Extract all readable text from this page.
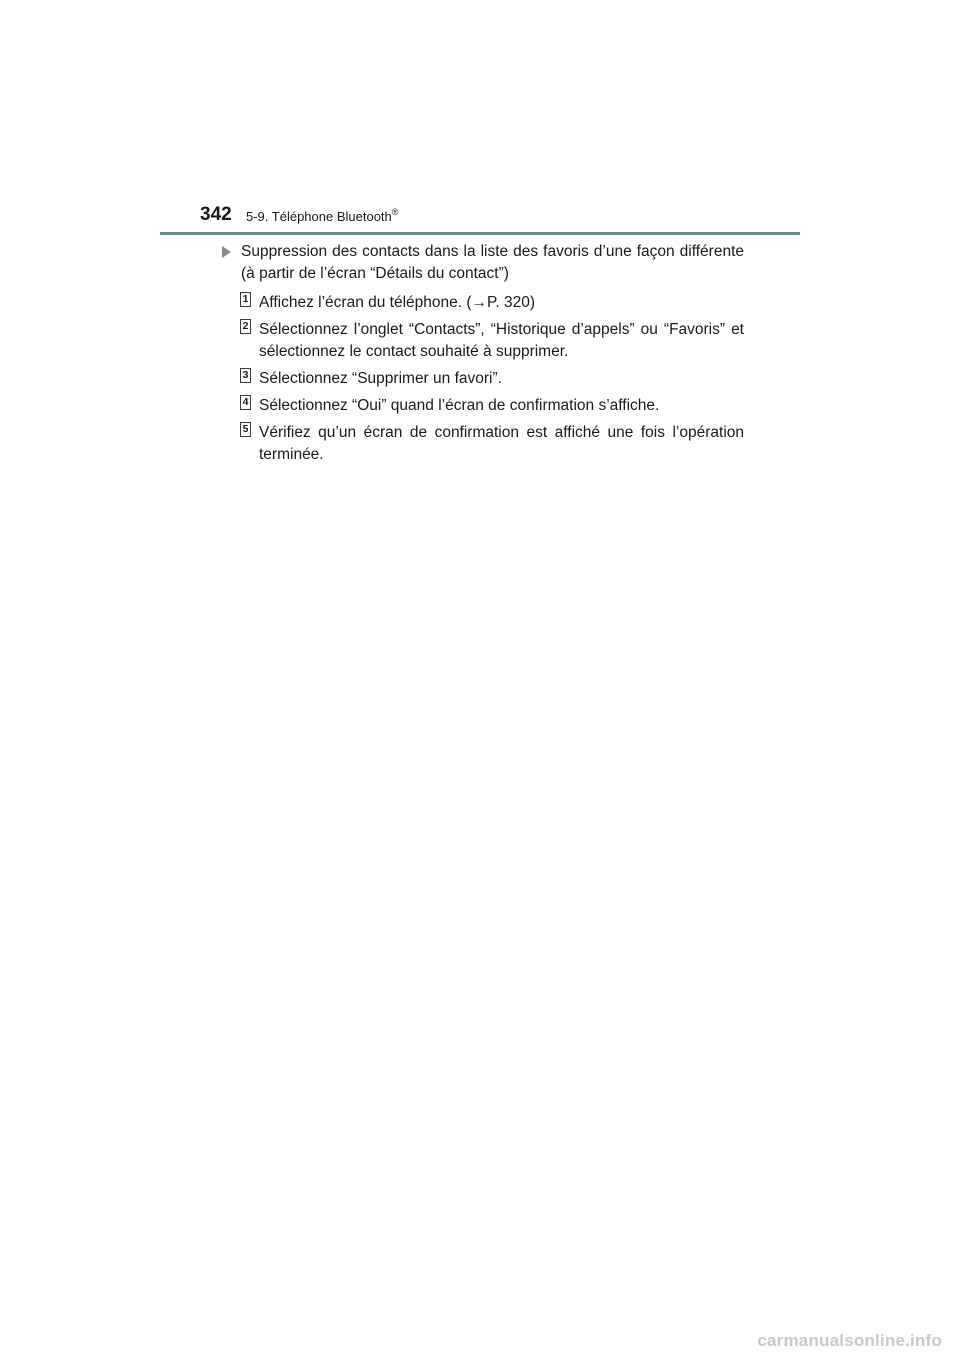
342 5-9. Téléphone Bluetooth®
Suppression des contacts dans la liste des favoris d’une façon différente (à partir de l’écran “Détails du contact”)
1 Affichez l’écran du téléphone. (→P. 320)
2 Sélectionnez l’onglet “Contacts”, “Historique d’appels” ou “Favoris” et sélectionnez le contact souhaité à supprimer.
3 Sélectionnez “Supprimer un favori”.
4 Sélectionnez “Oui” quand l’écran de confirmation s’affiche.
5 Vérifiez qu’un écran de confirmation est affiché une fois l’opération terminée.
carmanualsonline.info
